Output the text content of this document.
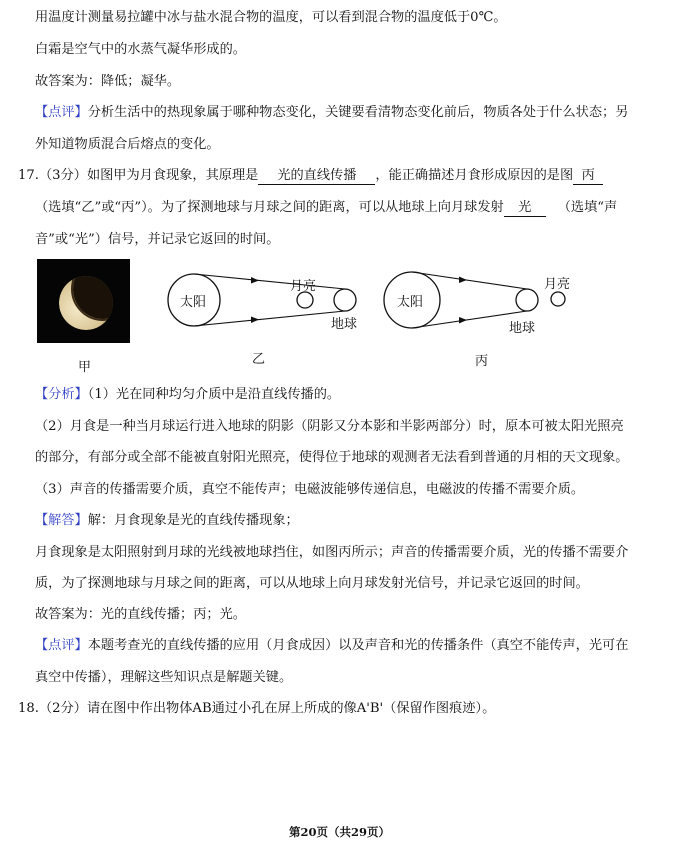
用温度计测量易拉罐中冰与盐水混合物的温度，可以看到混合物的温度低于0℃。
白霜是空气中的水蒸气凝华形成的。
故答案为：降低；凝华。
【点评】分析生活中的热现象属于哪种物态变化，关键要看清物态变化前后，物质各处于什么状态；另
外知道物质混合后熔点的变化。
17.（3分）如图甲为月食现象，其原理是 光的直线传播 ，能正确描述月食形成原因的是图 丙
（选填“乙”或“丙”）。为了探测地球与月球之间的距离，可以从地球上向月球发射 光 （选填“声
音”或“光”）信号，并记录它返回的时间。
甲
太阳
月亮
地球
乙
太阳
月亮
地球
丙
【分析】（1）光在同种均匀介质中是沿直线传播的。
（2）月食是一种当月球运行进入地球的阴影（阴影又分本影和半影两部分）时，原本可被太阳光照亮
的部分，有部分或全部不能被直射阳光照亮，使得位于地球的观测者无法看到普通的月相的天文现象。
（3）声音的传播需要介质，真空不能传声；电磁波能够传递信息，电磁波的传播不需要介质。
【解答】解：月食现象是光的直线传播现象；
月食现象是太阳照射到月球的光线被地球挡住，如图丙所示；声音的传播需要介质，光的传播不需要介
质，为了探测地球与月球之间的距离，可以从地球上向月球发射光信号，并记录它返回的时间。
故答案为：光的直线传播；丙；光。
【点评】本题考查光的直线传播的应用（月食成因）以及声音和光的传播条件（真空不能传声，光可在
真空中传播），理解这些知识点是解题关键。
18.（2分）请在图中作出物体AB通过小孔在屏上所成的像A'B'（保留作图痕迹）。
第20页（共29页）
